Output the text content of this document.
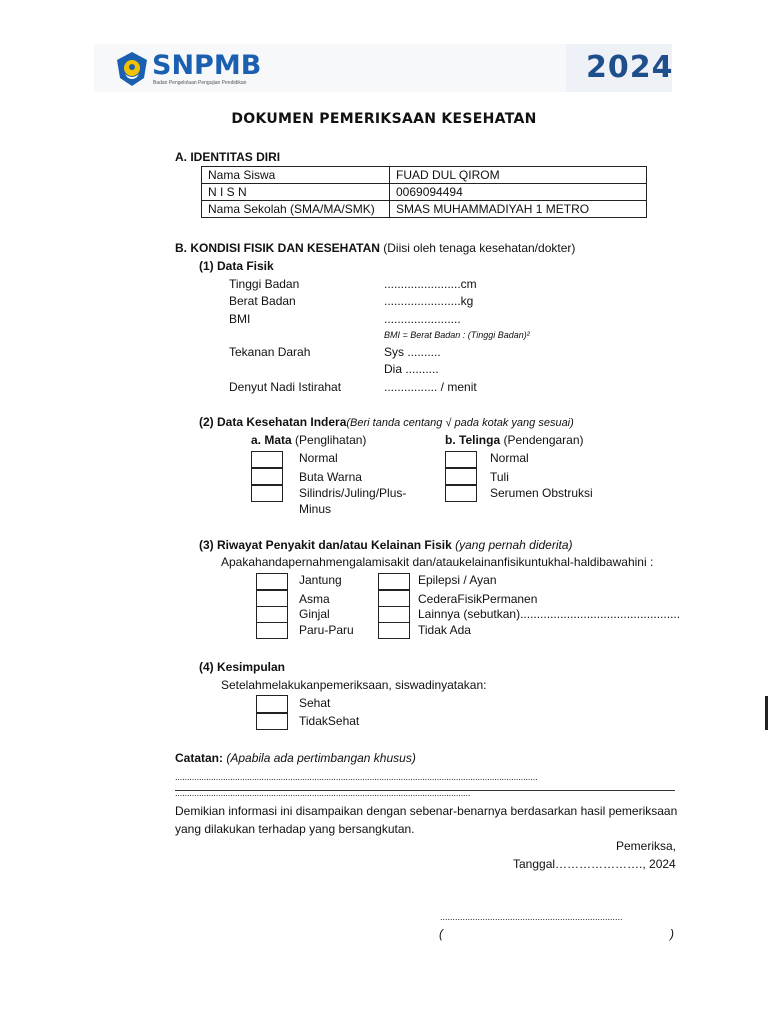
SNPMB
Badan Pengelolaan Pengujian Pendidikan	2024
DOKUMEN PEMERIKSAAN KESEHATAN
A. IDENTITAS DIRI
Nama Siswa	FUAD DUL QIROM
N I S N	0069094494
Nama Sekolah (SMA/MA/SMK)	SMAS MUHAMMADIYAH 1 METRO
B. KONDISI FISIK DAN KESEHATAN (Diisi oleh tenaga kesehatan/dokter)
(1) Data Fisik
Tinggi Badan	.......................cm
Berat Badan	.......................kg
BMI	.......................
BMI = Berat Badan : (Tinggi Badan)²
Tekanan Darah	Sys ..........
Dia ..........
Denyut Nadi Istirahat	................ / menit
(2) Data Kesehatan Indera(Beri tanda centang √ pada kotak yang sesuai)
a. Mata (Penglihatan)	b. Telinga (Pendengaran)
Normal
Buta Warna
Silindris/Juling/Plus-
Minus
Normal
Tuli
Serumen Obstruksi
(3) Riwayat Penyakit dan/atau Kelainan Fisik (yang pernah diderita)
Apakahandapernahmengalamisakit dan/ataukelainanfisikuntukhal-haldibawahini :
Jantung
Asma
Ginjal
Paru-Paru
Epilepsi / Ayan
CederaFisikPermanen
Lainnya (sebutkan)................................................
Tidak Ada
(4) Kesimpulan
Setelahmelakukanpemeriksaan, siswadinyatakan:
Sehat
TidakSehat
Catatan: (Apabila ada pertimbangan khusus)
.......................................................................................................................................................
...........................................................................................................................
Demikian informasi ini disampaikan dengan sebenar-benarnya berdasarkan hasil pemeriksaan
yang dilakukan terhadap yang bersangkutan.
Pemeriksa,
Tanggal…………………., 2024
.........................................................................
(	)
